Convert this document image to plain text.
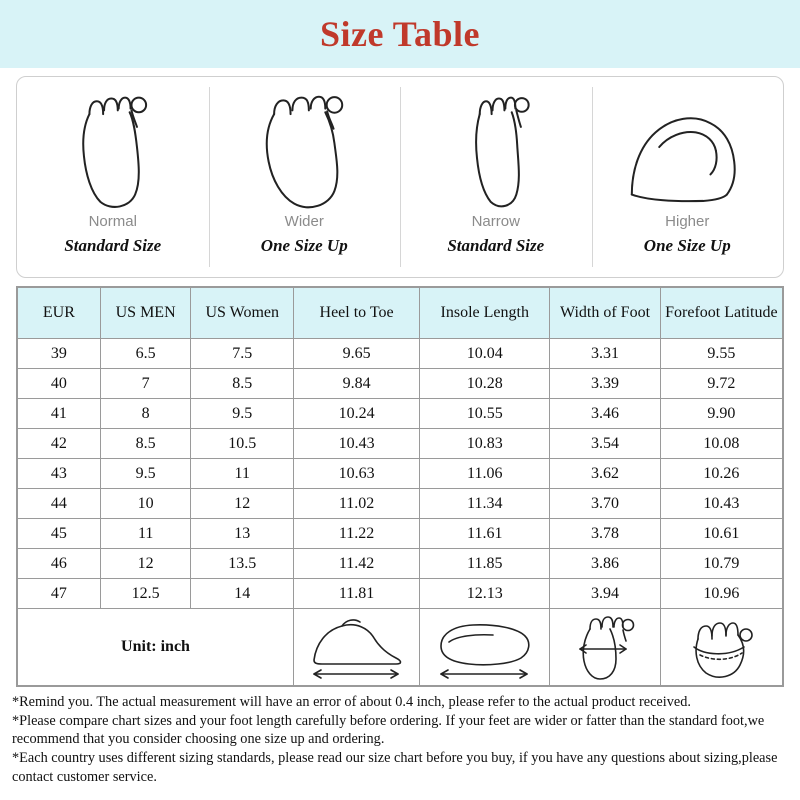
Size Table
Normal
Standard Size
Wider
One Size Up
Narrow
Standard Size
Higher
One Size Up
EUR	US MEN	US Women	Heel to Toe	Insole Length	Width of Foot	Forefoot Latitude
39	6.5	7.5	9.65	10.04	3.31	9.55
40	7	8.5	9.84	10.28	3.39	9.72
41	8	9.5	10.24	10.55	3.46	9.90
42	8.5	10.5	10.43	10.83	3.54	10.08
43	9.5	11	10.63	11.06	3.62	10.26
44	10	12	11.02	11.34	3.70	10.43
45	11	13	11.22	11.61	3.78	10.61
46	12	13.5	11.42	11.85	3.86	10.79
47	12.5	14	11.81	12.13	3.94	10.96
Unit: inch	

*Remind you. The actual measurement will have an error of about 0.4 inch, please refer to the actual product received.

*Please compare chart sizes and your foot length carefully before ordering. If your feet are wider or fatter than the standard foot,we recommend that you consider choosing one size up and ordering.

*Each country uses different sizing standards, please read our size chart before you buy, if you have any questions about sizing,please contact customer service.
